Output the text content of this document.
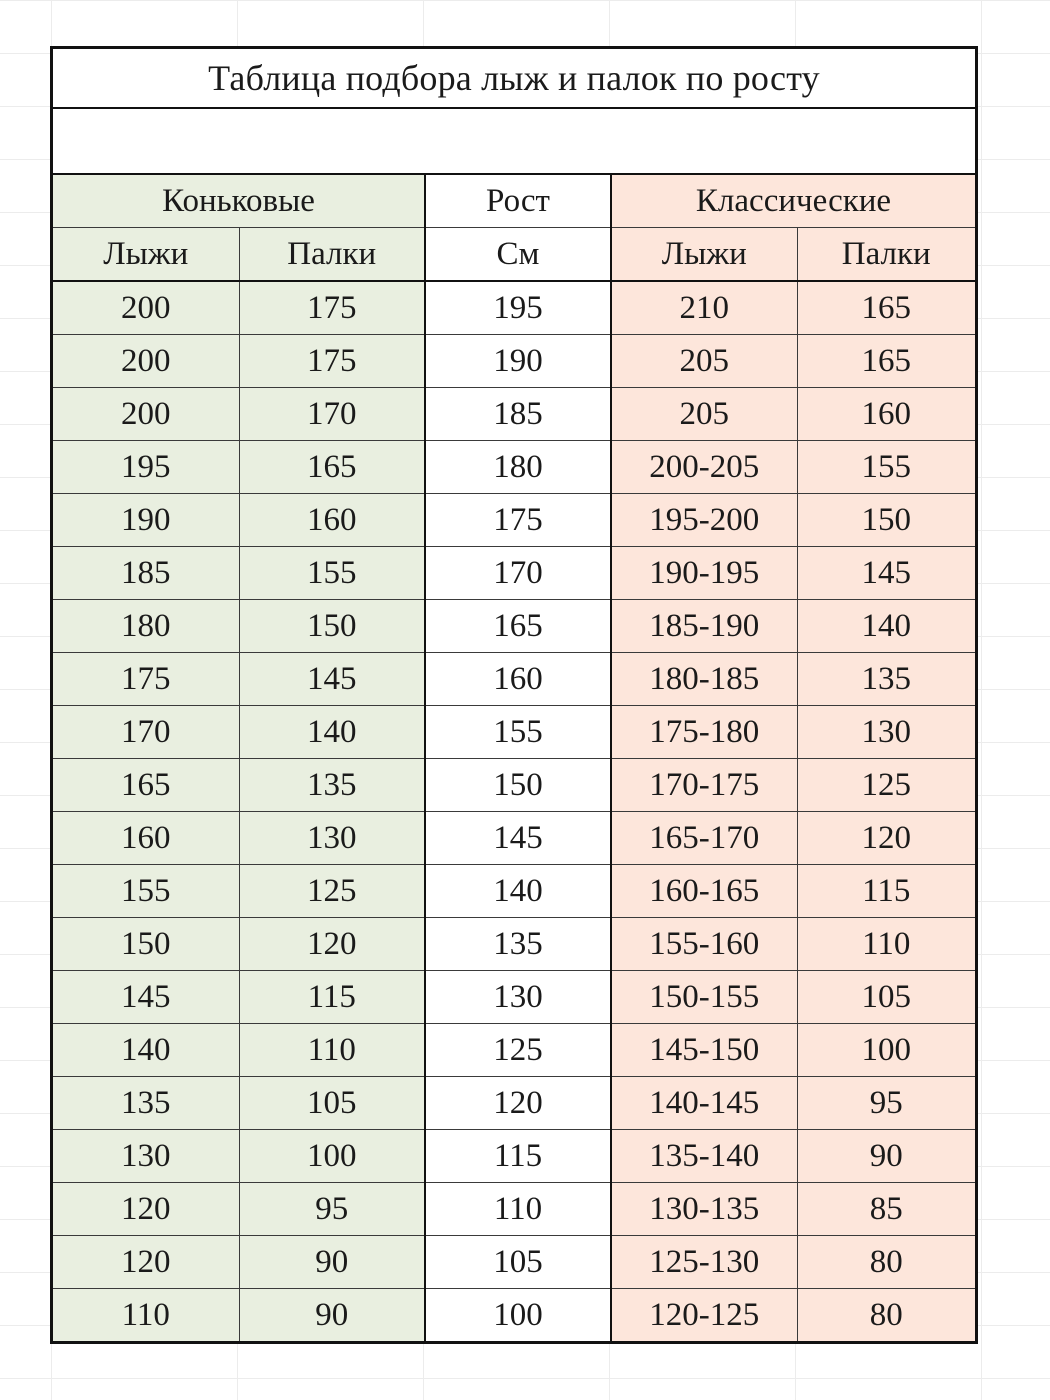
Таблица подбора лыж и палок по росту
Коньковые		Рост	Классические	
Лыжи	Палки	См	Лыжи	Палки
200	175	195	210	165
200	175	190	205	165
200	170	185	205	160
195	165	180	200-205	155
190	160	175	195-200	150
185	155	170	190-195	145
180	150	165	185-190	140
175	145	160	180-185	135
170	140	155	175-180	130
165	135	150	170-175	125
160	130	145	165-170	120
155	125	140	160-165	115
150	120	135	155-160	110
145	115	130	150-155	105
140	110	125	145-150	100
135	105	120	140-145	95
130	100	115	135-140	90
120	95	110	130-135	85
120	90	105	125-130	80
110	90	100	120-125	80
